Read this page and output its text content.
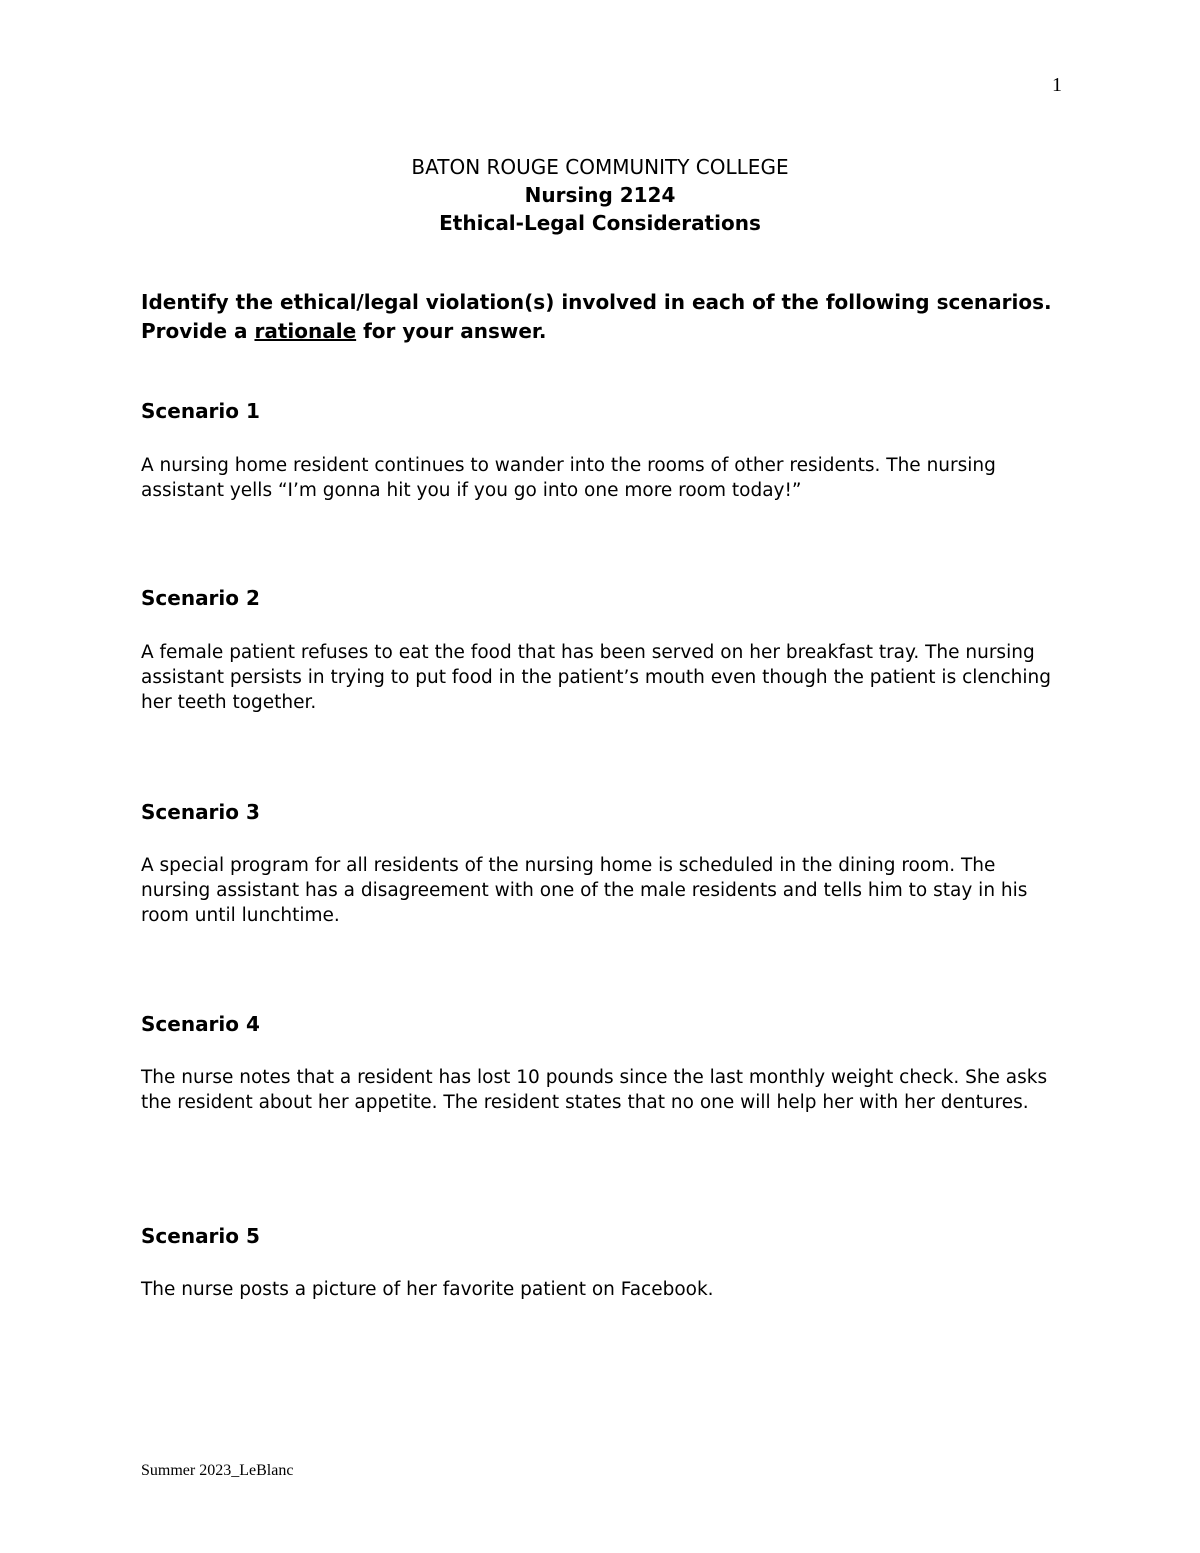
1
BATON ROUGE COMMUNITY COLLEGE
Nursing 2124
Ethical-Legal Considerations
Identify the ethical/legal violation(s) involved in each of the following scenarios.
Provide a rationale for your answer.
Scenario 1

A nursing home resident continues to wander into the rooms of other residents. The nursing assistant yells “I’m gonna hit you if you go into one more room today!”

Scenario 2

A female patient refuses to eat the food that has been served on her breakfast tray. The nursing assistant persists in trying to put food in the patient’s mouth even though the patient is clenching her teeth together.

Scenario 3

A special program for all residents of the nursing home is scheduled in the dining room. The nursing assistant has a disagreement with one of the male residents and tells him to stay in his room until lunchtime.

Scenario 4

The nurse notes that a resident has lost 10 pounds since the last monthly weight check. She asks the resident about her appetite. The resident states that no one will help her with her dentures.

Scenario 5

The nurse posts a picture of her favorite patient on Facebook.

Summer 2023_LeBlanc
